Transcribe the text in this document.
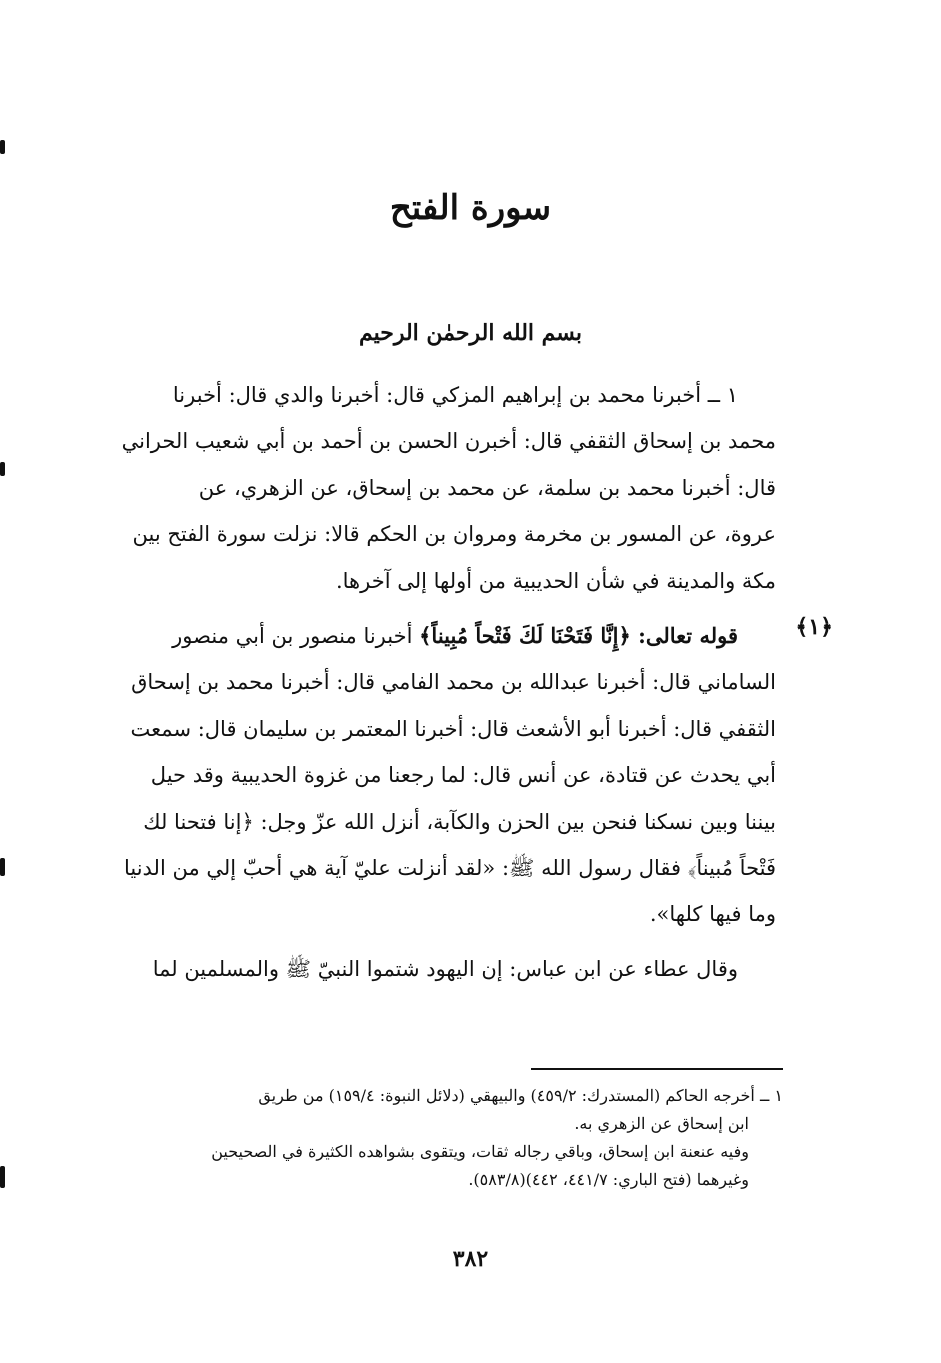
سورة الفتح
بسم الله الرحمٰن الرحيم
١ ــ أخبرنا محمد بن إبراهيم المزكي قال: أخبرنا والدي قال: أخبرنا
محمد بن إسحاق الثقفي قال: أخبرن الحسن بن أحمد بن أبي شعيب الحراني
قال: أخبرنا محمد بن سلمة، عن محمد بن إسحاق، عن الزهري، عن
عروة، عن المسور بن مخرمة ومروان بن الحكم قالا: نزلت سورة الفتح بين
مكة والمدينة في شأن الحديبية من أولها إلى آخرها.
﴿١﴾
قوله تعالى: ﴿إِنَّا فَتَحْنَا لَكَ فَتْحاً مُبِيناً﴾ أخبرنا منصور بن أبي منصور
الساماني قال: أخبرنا عبدالله بن محمد الفامي قال: أخبرنا محمد بن إسحاق
الثقفي قال: أخبرنا أبو الأشعث قال: أخبرنا المعتمر بن سليمان قال: سمعت
أبي يحدث عن قتادة، عن أنس قال: لما رجعنا من غزوة الحديبية وقد حيل
بيننا وبين نسكنا فنحن بين الحزن والكآبة، أنزل الله عزّ وجل: ﴿إنا فتحنا لك
فَتْحاً مُبيناً﴾ فقال رسول الله ﷺ: «لقد أنزلت عليّ آية هي أحبّ إلي من الدنيا
وما فيها كلها».
وقال عطاء عن ابن عباس: إن اليهود شتموا النبيّ ﷺ والمسلمين لما
١ ــ أخرجه الحاكم (المستدرك: ٤٥٩/٢) والبيهقي (دلائل النبوة: ١٥٩/٤) من طريق
ابن إسحاق عن الزهري به.
وفيه عنعنة ابن إسحاق، وباقي رجاله ثقات، ويتقوى بشواهده الكثيرة في الصحيحين
وغيرهما (فتح الباري: ٤٤١/٧، ٤٤٢)(٥٨٣/٨).
٣٨٢
